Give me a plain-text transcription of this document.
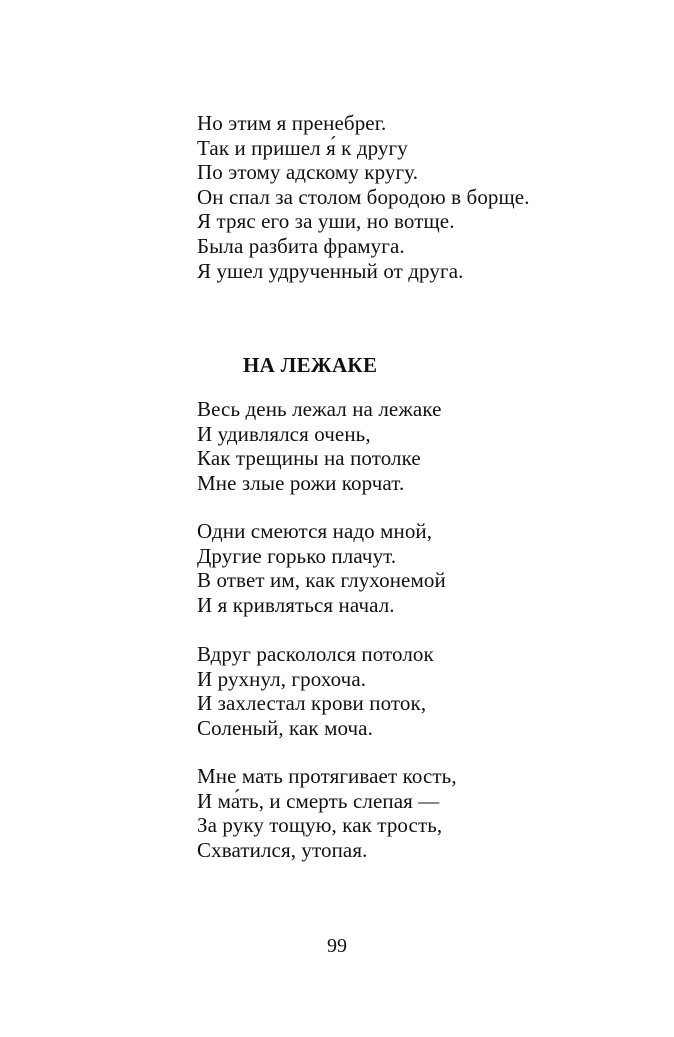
Но этим я пренебрег.
Так и пришел я́ к другу
По этому адскому кругу.
Он спал за столом бородою в борще.
Я тряс его за уши, но вотще.
Была разбита фрамуга.
Я ушел удрученный от друга.
НА ЛЕЖАКЕ
Весь день лежал на лежаке
И удивлялся очень,
Как трещины на потолке
Мне злые рожи корчат.
Одни смеются надо мной,
Другие горько плачут.
В ответ им, как глухонемой
И я кривляться начал.
Вдруг раскололся потолок
И рухнул, грохоча.
И захлестал крови поток,
Соленый, как моча.
Мне мать протягивает кость,
И ма́ть, и смерть слепая —
За руку тощую, как трость,
Схватился, утопая.
99
